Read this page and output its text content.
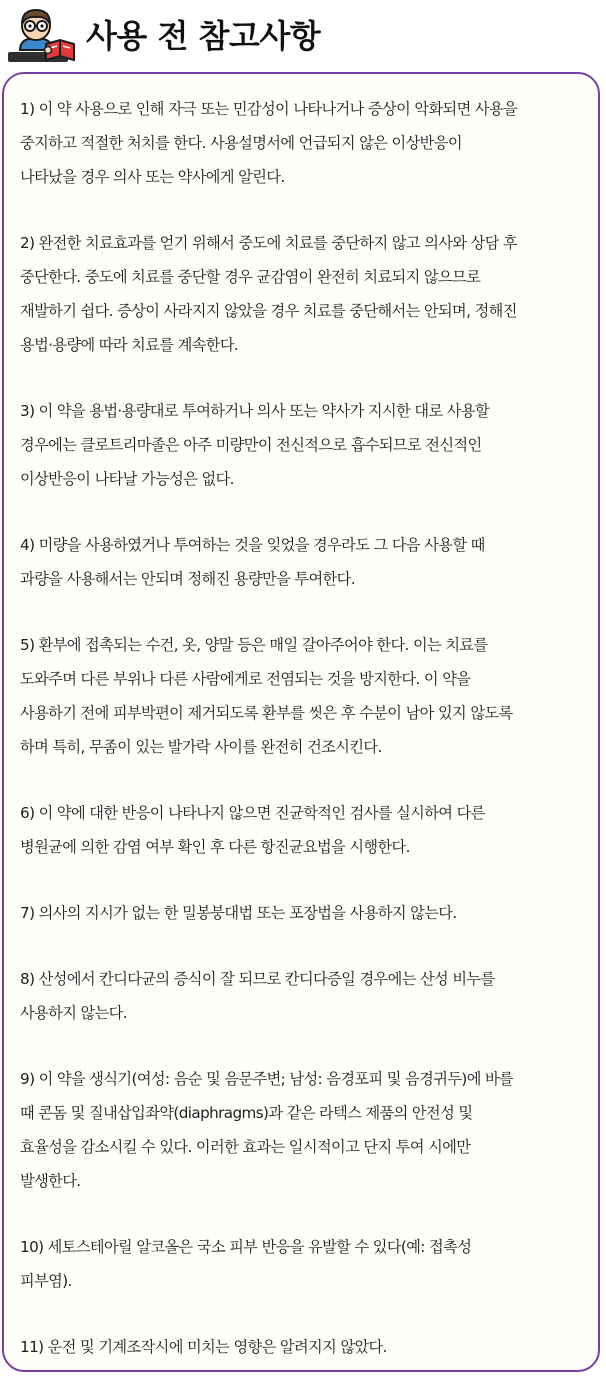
사용 전 참고사항

1) 이 약 사용으로 인해 자극 또는 민감성이 나타나거나 증상이 악화되면 사용을
중지하고 적절한 처치를 한다. 사용설명서에 언급되지 않은 이상반응이
나타났을 경우 의사 또는 약사에게 알린다.

2) 완전한 치료효과를 얻기 위해서 중도에 치료를 중단하지 않고 의사와 상담 후
중단한다. 중도에 치료를 중단할 경우 균감염이 완전히 치료되지 않으므로
재발하기 쉽다. 증상이 사라지지 않았을 경우 치료를 중단해서는 안되며, 정해진
용법·용량에 따라 치료를 계속한다.

3) 이 약을 용법·용량대로 투여하거나 의사 또는 약사가 지시한 대로 사용할
경우에는 클로트리마졸은 아주 미량만이 전신적으로 흡수되므로 전신적인
이상반응이 나타날 가능성은 없다.

4) 미량을 사용하였거나 투여하는 것을 잊었을 경우라도 그 다음 사용할 때
과량을 사용해서는 안되며 정해진 용량만을 투여한다.

5) 환부에 접촉되는 수건, 옷, 양말 등은 매일 갈아주어야 한다. 이는 치료를
도와주며 다른 부위나 다른 사람에게로 전염되는 것을 방지한다. 이 약을
사용하기 전에 피부박편이 제거되도록 환부를 씻은 후 수분이 남아 있지 않도록
하며 특히, 무좀이 있는 발가락 사이를 완전히 건조시킨다.

6) 이 약에 대한 반응이 나타나지 않으면 진균학적인 검사를 실시하여 다른
병원균에 의한 감염 여부 확인 후 다른 항진균요법을 시행한다.

7) 의사의 지시가 없는 한 밀봉붕대법 또는 포장법을 사용하지 않는다.

8) 산성에서 칸디다균의 증식이 잘 되므로 칸디다증일 경우에는 산성 비누를
사용하지 않는다.

9) 이 약을 생식기(여성: 음순 및 음문주변; 남성: 음경포피 및 음경귀두)에 바를
때 콘돔 및 질내삽입좌약(diaphragms)과 같은 라텍스 제품의 안전성 및
효율성을 감소시킬 수 있다. 이러한 효과는 일시적이고 단지 투여 시에만
발생한다.

10) 세토스테아릴 알코올은 국소 피부 반응을 유발할 수 있다(예: 접촉성
피부염).

11) 운전 및 기계조작시에 미치는 영향은 알려지지 않았다.
